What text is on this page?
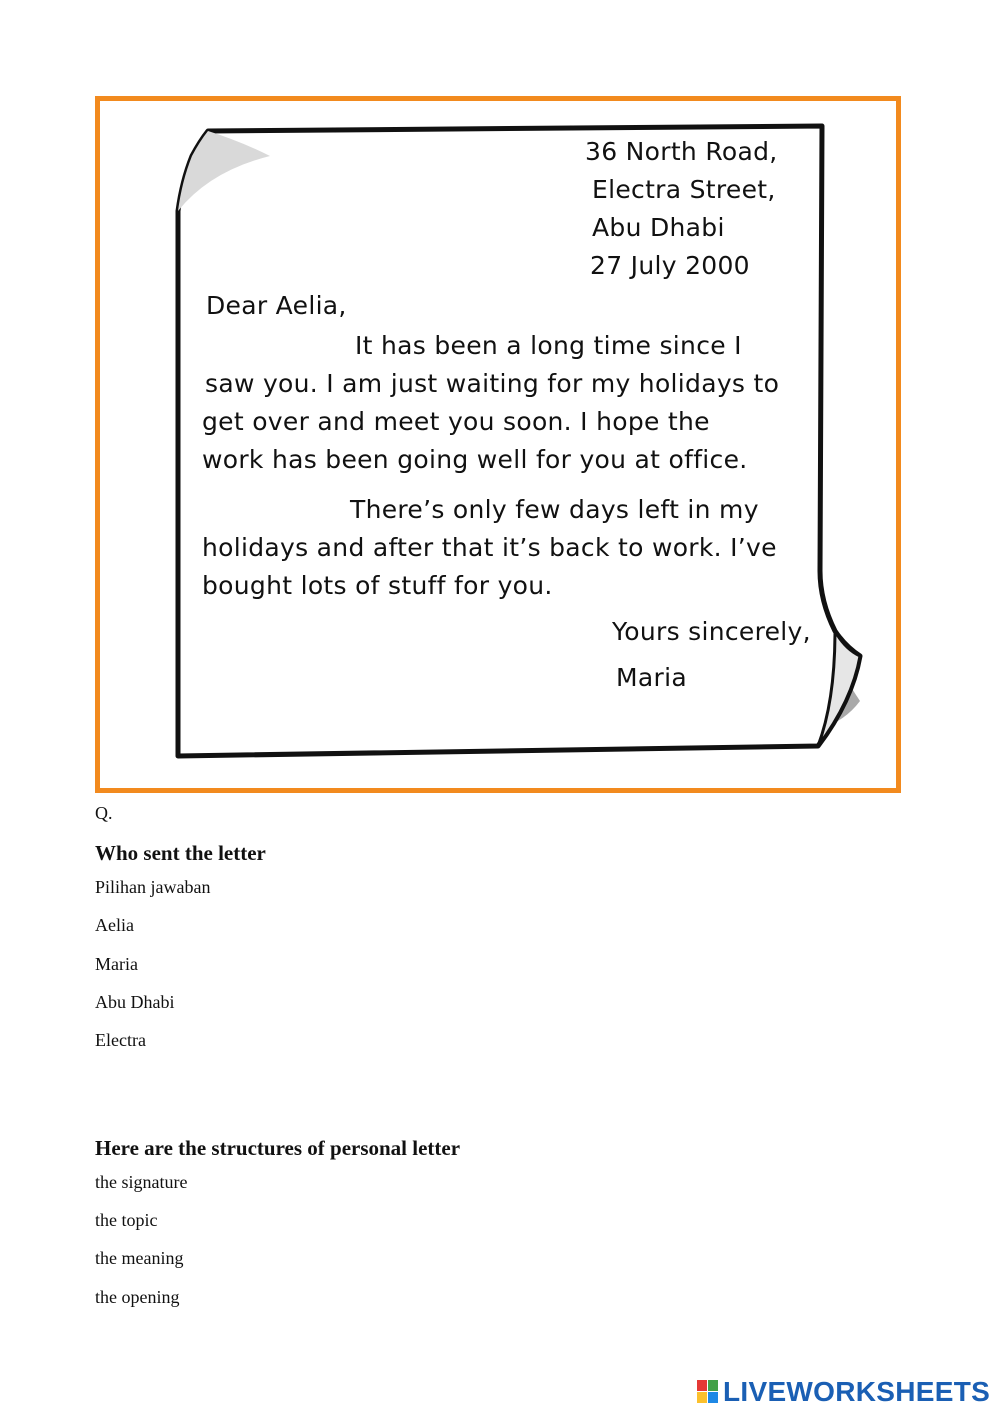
36 North Road,
Electra Street,
Abu Dhabi
27 July 2000
Dear Aelia,
It has been a long time since I
saw you. I am just waiting for my holidays to
get over and meet you soon. I hope the
work has been going well for you at office.
There’s only few days left in my
holidays and after that it’s back to work. I’ve
bought lots of stuff for you.
Yours sincerely,
Maria
Q.
Who sent the letter
Pilihan jawaban
Aelia
Maria
Abu Dhabi
Electra
Here are the structures of personal letter
the signature
the topic
the meaning
the opening
LIVEWORKSHEETS
